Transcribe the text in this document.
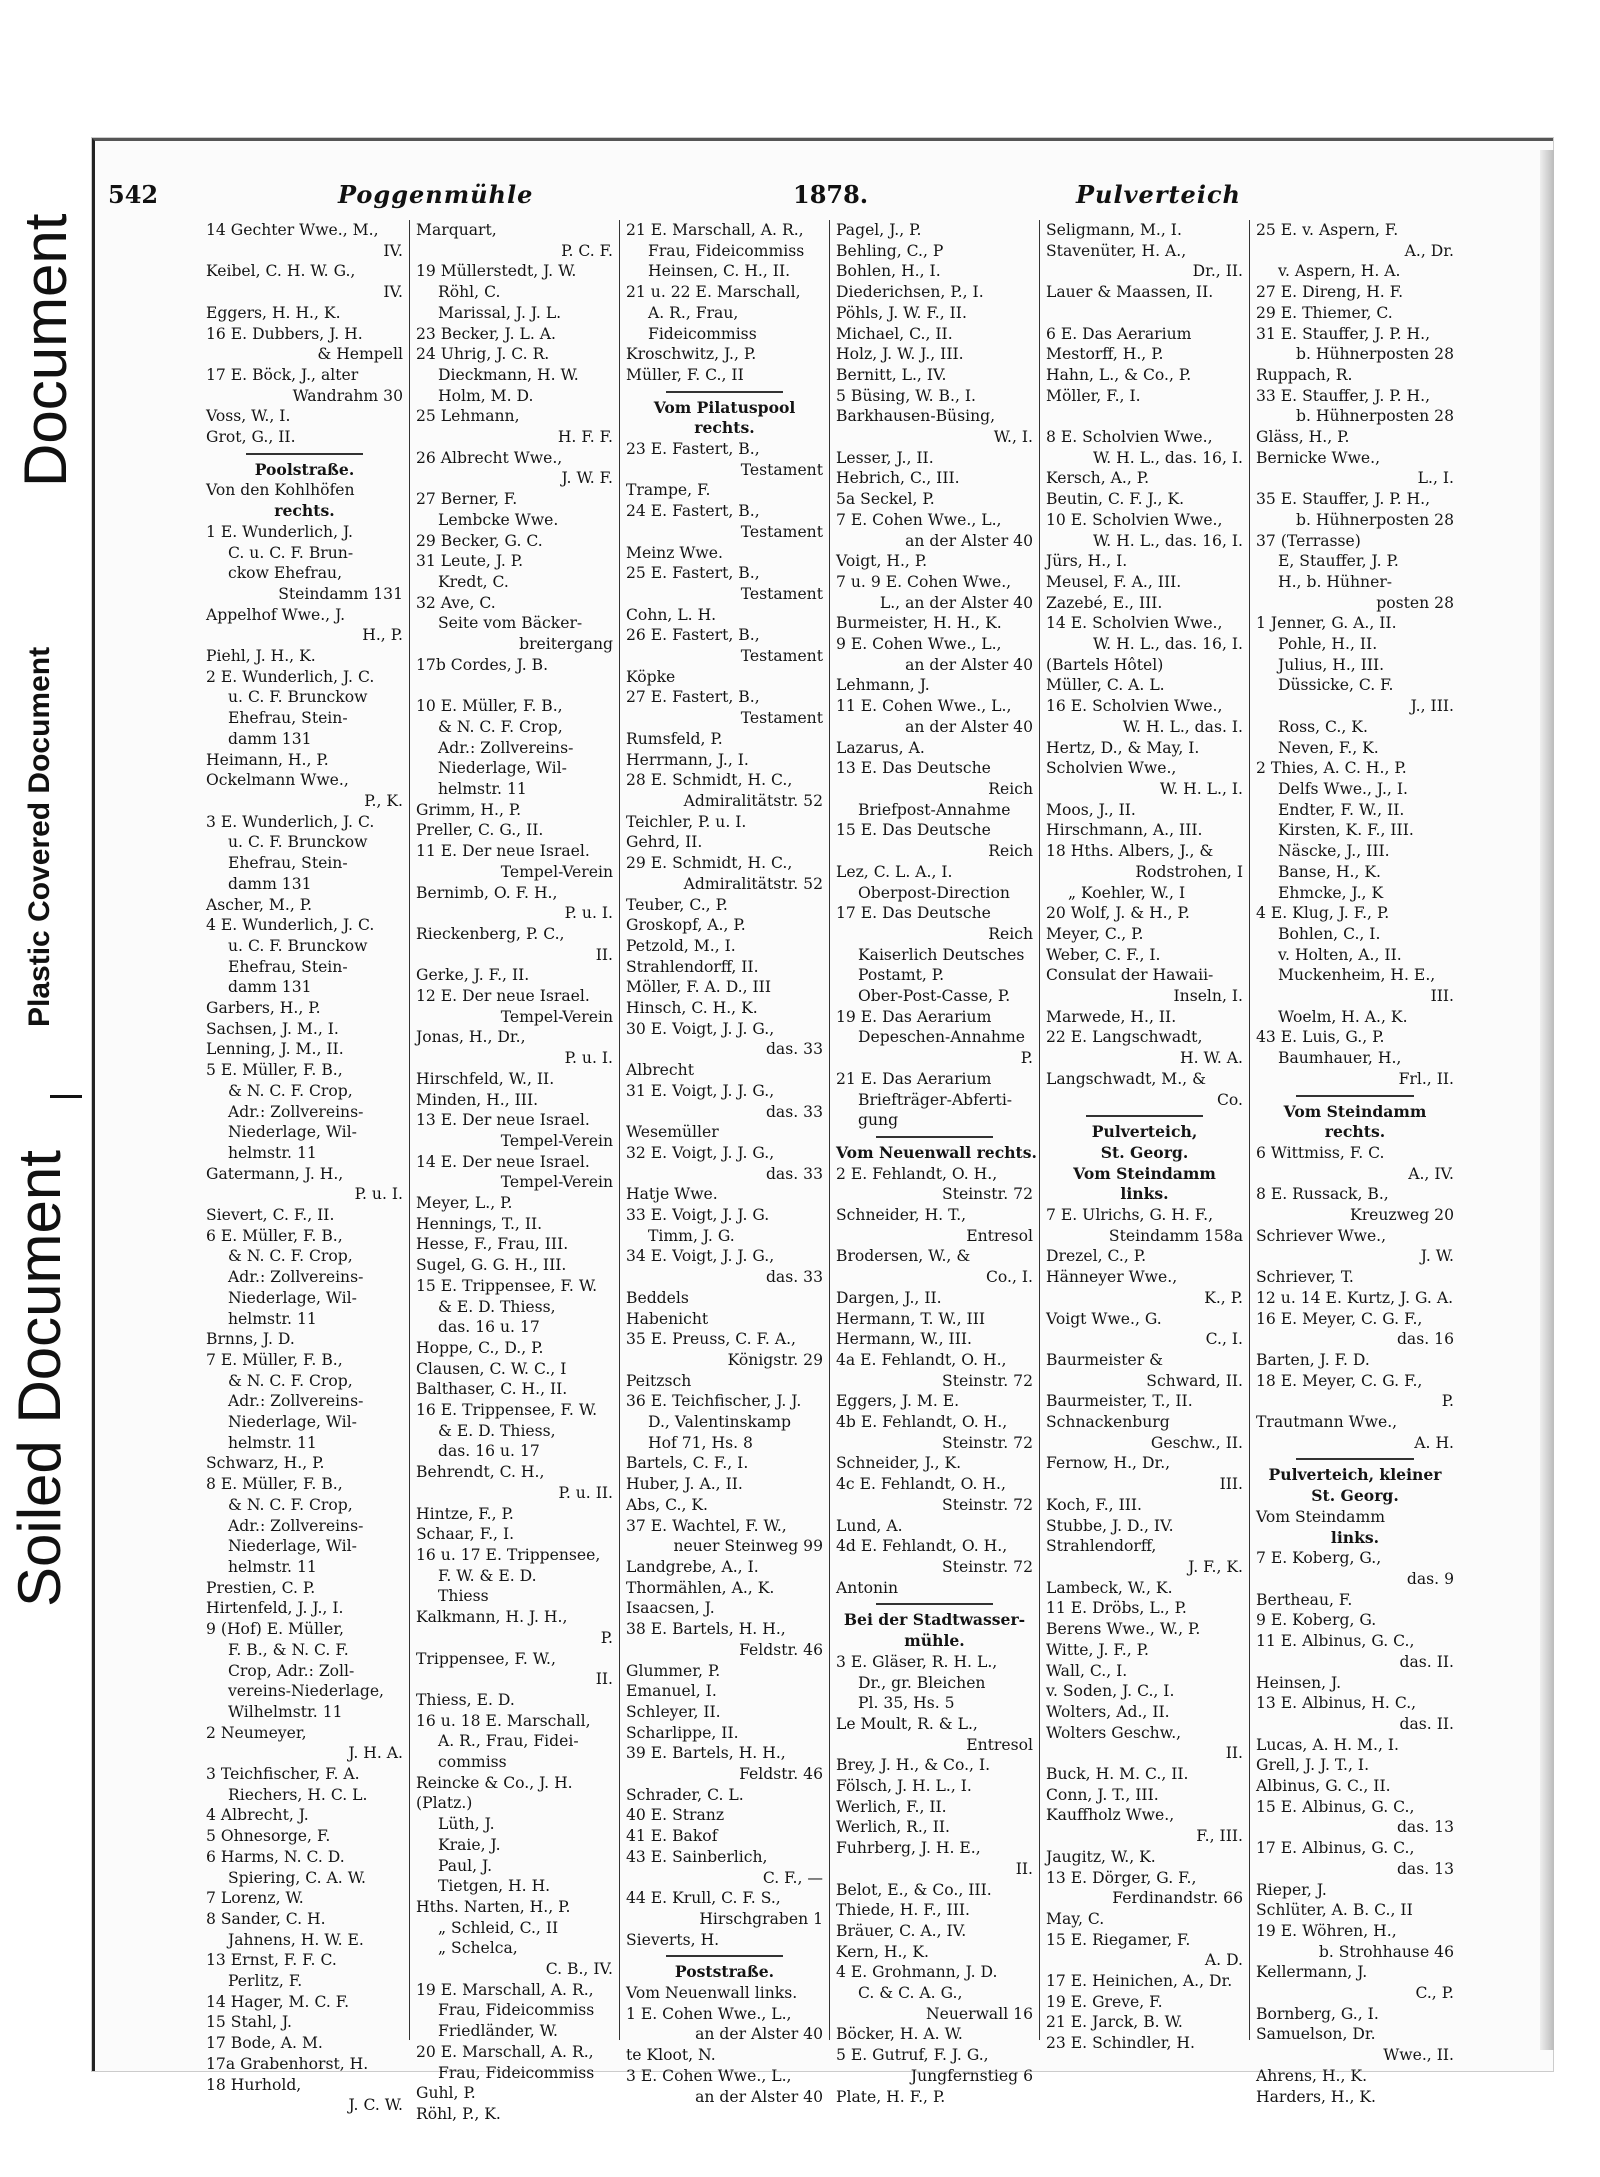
Soiled Document
Plastic Covered Document
Document
542	Poggenmühle	1878.	Pulverteich
14 Gechter Wwe., M.,
IV.
Keibel, C. H. W. G.,
IV.
Eggers, H. H., K.
16 E. Dubbers, J. H.
& Hempell
17 E. Böck, J., alter
Wandrahm 30
Voss, W., I.
Grot, G., II.
Poolstraße.
Von den Kohlhöfen
rechts.
1 E. Wunderlich, J.
C. u. C. F. Brun-
ckow Ehefrau,
Steindamm 131
Appelhof Wwe., J.
H., P.
Piehl, J. H., K.
2 E. Wunderlich, J. C.
u. C. F. Brunckow
Ehefrau, Stein-
damm 131
Heimann, H., P.
Ockelmann Wwe.,
P., K.
3 E. Wunderlich, J. C.
u. C. F. Brunckow
Ehefrau, Stein-
damm 131
Ascher, M., P.
4 E. Wunderlich, J. C.
u. C. F. Brunckow
Ehefrau, Stein-
damm 131
Garbers, H., P.
Sachsen, J. M., I.
Lenning, J. M., II.
5 E. Müller, F. B.,
& N. C. F. Crop,
Adr.: Zollvereins-
Niederlage, Wil-
helmstr. 11
Gatermann, J. H.,
P. u. I.
Sievert, C. F., II.
6 E. Müller, F. B.,
& N. C. F. Crop,
Adr.: Zollvereins-
Niederlage, Wil-
helmstr. 11
Brnns, J. D.
7 E. Müller, F. B.,
& N. C. F. Crop,
Adr.: Zollvereins-
Niederlage, Wil-
helmstr. 11
Schwarz, H., P.
8 E. Müller, F. B.,
& N. C. F. Crop,
Adr.: Zollvereins-
Niederlage, Wil-
helmstr. 11
Prestien, C. P.
Hirtenfeld, J. J., I.
9 (Hof) E. Müller,
F. B., & N. C. F.
Crop, Adr.: Zoll-
vereins-Niederlage,
Wilhelmstr. 11
2 Neumeyer,
J. H. A.
3 Teichfischer, F. A.
Riechers, H. C. L.
4 Albrecht, J.
5 Ohnesorge, F.
6 Harms, N. C. D.
Spiering, C. A. W.
7 Lorenz, W.
8 Sander, C. H.
Jahnens, H. W. E.
13 Ernst, F. F. C.
Perlitz, F.
14 Hager, M. C. F.
15 Stahl, J.
17 Bode, A. M.
17a Grabenhorst, H.
18 Hurhold,
J. C. W.
Marquart,
P. C. F.
19 Müllerstedt, J. W.
Röhl, C.
Marissal, J. J. L.
23 Becker, J. L. A.
24 Uhrig, J. C. R.
Dieckmann, H. W.
Holm, M. D.
25 Lehmann,
H. F. F.
26 Albrecht Wwe.,
J. W. F.
27 Berner, F.
Lembcke Wwe.
29 Becker, G. C.
31 Leute, J. P.
Kredt, C.
32 Ave, C.
Seite vom Bäcker-
breitergang
17b Cordes, J. B.

10 E. Müller, F. B.,
& N. C. F. Crop,
Adr.: Zollvereins-
Niederlage, Wil-
helmstr. 11
Grimm, H., P.
Preller, C. G., II.
11 E. Der neue Israel.
Tempel-Verein
Bernimb, O. F. H.,
P. u. I.
Rieckenberg, P. C.,
II.
Gerke, J. F., II.
12 E. Der neue Israel.
Tempel-Verein
Jonas, H., Dr.,
P. u. I.
Hirschfeld, W., II.
Minden, H., III.
13 E. Der neue Israel.
Tempel-Verein
14 E. Der neue Israel.
Tempel-Verein
Meyer, L., P.
Hennings, T., II.
Hesse, F., Frau, III.
Sugel, G. G. H., III.
15 E. Trippensee, F. W.
& E. D. Thiess,
das. 16 u. 17
Hoppe, C., D., P.
Clausen, C. W. C., I
Balthaser, C. H., II.
16 E. Trippensee, F. W.
& E. D. Thiess,
das. 16 u. 17
Behrendt, C. H.,
P. u. II.
Hintze, F., P.
Schaar, F., I.
16 u. 17 E. Trippensee,
F. W. & E. D.
Thiess
Kalkmann, H. J. H.,
P.
Trippensee, F. W.,
II.
Thiess, E. D.
16 u. 18 E. Marschall,
A. R., Frau, Fidei-
commiss
Reincke & Co., J. H.
(Platz.)
Lüth, J.
Kraie, J.
Paul, J.
Tietgen, H. H.
Hths. Narten, H., P.
„ Schleid, C., II
„ Schelca,
C. B., IV.
19 E. Marschall, A. R.,
Frau, Fideicommiss
Friedländer, W.
20 E. Marschall, A. R.,
Frau, Fideicommiss
Guhl, P.
Röhl, P., K.
21 E. Marschall, A. R.,
Frau, Fideicommiss
Heinsen, C. H., II.
21 u. 22 E. Marschall,
A. R., Frau,
Fideicommiss
Kroschwitz, J., P.
Müller, F. C., II
Vom Pilatuspool
rechts.
23 E. Fastert, B.,
Testament
Trampe, F.
24 E. Fastert, B.,
Testament
Meinz Wwe.
25 E. Fastert, B.,
Testament
Cohn, L. H.
26 E. Fastert, B.,
Testament
Köpke
27 E. Fastert, B.,
Testament
Rumsfeld, P.
Herrmann, J., I.
28 E. Schmidt, H. C.,
Admiralitätstr. 52
Teichler, P. u. I.
Gehrd, II.
29 E. Schmidt, H. C.,
Admiralitätstr. 52
Teuber, C., P.
Groskopf, A., P.
Petzold, M., I.
Strahlendorff, II.
Möller, F. A. D., III
Hinsch, C. H., K.
30 E. Voigt, J. J. G.,
das. 33
Albrecht
31 E. Voigt, J. J. G.,
das. 33
Wesemüller
32 E. Voigt, J. J. G.,
das. 33
Hatje Wwe.
33 E. Voigt, J. J. G.
Timm, J. G.
34 E. Voigt, J. J. G.,
das. 33
Beddels
Habenicht
35 E. Preuss, C. F. A.,
Königstr. 29
Peitzsch
36 E. Teichfischer, J. J.
D., Valentinskamp
Hof 71, Hs. 8
Bartels, C. F., I.
Huber, J. A., II.
Abs, C., K.
37 E. Wachtel, F. W.,
neuer Steinweg 99
Landgrebe, A., I.
Thormählen, A., K.
Isaacsen, J.
38 E. Bartels, H. H.,
Feldstr. 46
Glummer, P.
Emanuel, I.
Schleyer, II.
Scharlippe, II.
39 E. Bartels, H. H.,
Feldstr. 46
Schrader, C. L.
40 E. Stranz
41 E. Bakof
43 E. Sainberlich,
C. F., —
44 E. Krull, C. F. S.,
Hirschgraben 1
Sieverts, H.
Poststraße.
Vom Neuenwall links.
1 E. Cohen Wwe., L.,
an der Alster 40
te Kloot, N.
3 E. Cohen Wwe., L.,
an der Alster 40
Pagel, J., P.
Behling, C., P
Bohlen, H., I.
Diederichsen, P., I.
Pöhls, J. W. F., II.
Michael, C., II.
Holz, J. W. J., III.
Bernitt, L., IV.
5 Büsing, W. B., I.
Barkhausen-Büsing,
W., I.
Lesser, J., II.
Hebrich, C., III.
5a Seckel, P.
7 E. Cohen Wwe., L.,
an der Alster 40
Voigt, H., P.
7 u. 9 E. Cohen Wwe.,
L., an der Alster 40
Burmeister, H. H., K.
9 E. Cohen Wwe., L.,
an der Alster 40
Lehmann, J.
11 E. Cohen Wwe., L.,
an der Alster 40
Lazarus, A.
13 E. Das Deutsche
Reich
Briefpost-Annahme
15 E. Das Deutsche
Reich
Lez, C. L. A., I.
Oberpost-Direction
17 E. Das Deutsche
Reich
Kaiserlich Deutsches
Postamt, P.
Ober-Post-Casse, P.
19 E. Das Aerarium
Depeschen-Annahme
P.
21 E. Das Aerarium
Briefträger-Abferti-
gung
Vom Neuenwall rechts.
2 E. Fehlandt, O. H.,
Steinstr. 72
Schneider, H. T.,
Entresol
Brodersen, W., &
Co., I.
Dargen, J., II.
Hermann, T. W., III
Hermann, W., III.
4a E. Fehlandt, O. H.,
Steinstr. 72
Eggers, J. M. E.
4b E. Fehlandt, O. H.,
Steinstr. 72
Schneider, J., K.
4c E. Fehlandt, O. H.,
Steinstr. 72
Lund, A.
4d E. Fehlandt, O. H.,
Steinstr. 72
Antonin
Bei der Stadtwasser-
mühle.
3 E. Gläser, R. H. L.,
Dr., gr. Bleichen
Pl. 35, Hs. 5
Le Moult, R. & L.,
Entresol
Brey, J. H., & Co., I.
Fölsch, J. H. L., I.
Werlich, F., II.
Werlich, R., II.
Fuhrberg, J. H. E.,
II.
Belot, E., & Co., III.
Thiede, H. F., III.
Bräuer, C. A., IV.
Kern, H., K.
4 E. Grohmann, J. D.
C. & C. A. G.,
Neuerwall 16
Böcker, H. A. W.
5 E. Gutruf, F. J. G.,
Jungfernstieg 6
Plate, H. F., P.
Seligmann, M., I.
Stavenüter, H. A.,
Dr., II.
Lauer & Maassen, II.

6 E. Das Aerarium
Mestorff, H., P.
Hahn, L., & Co., P.
Möller, F., I.

8 E. Scholvien Wwe.,
W. H. L., das. 16, I.
Kersch, A., P.
Beutin, C. F. J., K.
10 E. Scholvien Wwe.,
W. H. L., das. 16, I.
Jürs, H., I.
Meusel, F. A., III.
Zazebé, E., III.
14 E. Scholvien Wwe.,
W. H. L., das. 16, I.
(Bartels Hôtel)
Müller, C. A. L.
16 E. Scholvien Wwe.,
W. H. L., das. I.
Hertz, D., & May, I.
Scholvien Wwe.,
W. H. L., I.
Moos, J., II.
Hirschmann, A., III.
18 Hths. Albers, J., &
Rodstrohen, I
„ Koehler, W., I
20 Wolf, J. & H., P.
Meyer, C., P.
Weber, C. F., I.
Consulat der Hawaii-
Inseln, I.
Marwede, H., II.
22 E. Langschwadt,
H. W. A.
Langschwadt, M., &
Co.
Pulverteich,
St. Georg.
Vom Steindamm
links.
7 E. Ulrichs, G. H. F.,
Steindamm 158a
Drezel, C., P.
Hänneyer Wwe.,
K., P.
Voigt Wwe., G.
C., I.
Baurmeister &
Schward, II.
Baurmeister, T., II.
Schnackenburg
Geschw., II.
Fernow, H., Dr.,
III.
Koch, F., III.
Stubbe, J. D., IV.
Strahlendorff,
J. F., K.
Lambeck, W., K.
11 E. Dröbs, L., P.
Berens Wwe., W., P.
Witte, J. F., P.
Wall, C., I.
v. Soden, J. C., I.
Wolters, Ad., II.
Wolters Geschw.,
II.
Buck, H. M. C., II.
Conn, J. T., III.
Kauffholz Wwe.,
F., III.
Jaugitz, W., K.
13 E. Dörger, G. F.,
Ferdinandstr. 66
May, C.
15 E. Riegamer, F.
A. D.
17 E. Heinichen, A., Dr.
19 E. Greve, F.
21 E. Jarck, B. W.
23 E. Schindler, H.
25 E. v. Aspern, F.
A., Dr.
v. Aspern, H. A.
27 E. Direng, H. F.
29 E. Thiemer, C.
31 E. Stauffer, J. P. H.,
b. Hühnerposten 28
Ruppach, R.
33 E. Stauffer, J. P. H.,
b. Hühnerposten 28
Gläss, H., P.
Bernicke Wwe.,
L., I.
35 E. Stauffer, J. P. H.,
b. Hühnerposten 28
37 (Terrasse)
E, Stauffer, J. P.
H., b. Hühner-
posten 28
1 Jenner, G. A., II.
Pohle, H., II.
Julius, H., III.
Düssicke, C. F.
J., III.
Ross, C., K.
Neven, F., K.
2 Thies, A. C. H., P.
Delfs Wwe., J., I.
Endter, F. W., II.
Kirsten, K. F., III.
Näscke, J., III.
Banse, H., K.
Ehmcke, J., K
4 E. Klug, J. F., P.
Bohlen, C., I.
v. Holten, A., II.
Muckenheim, H. E.,
III.
Woelm, H. A., K.
43 E. Luis, G., P.
Baumhauer, H.,
Frl., II.
Vom Steindamm
rechts.
6 Wittmiss, F. C.
A., IV.
8 E. Russack, B.,
Kreuzweg 20
Schriever Wwe.,
J. W.
Schriever, T.
12 u. 14 E. Kurtz, J. G. A.
16 E. Meyer, C. G. F.,
das. 16
Barten, J. F. D.
18 E. Meyer, C. G. F.,
P.
Trautmann Wwe.,
A. H.
Pulverteich, kleiner
St. Georg.
Vom Steindamm
links.
7 E. Koberg, G.,
das. 9
Bertheau, F.
9 E. Koberg, G.
11 E. Albinus, G. C.,
das. II.
Heinsen, J.
13 E. Albinus, H. C.,
das. II.
Lucas, A. H. M., I.
Grell, J. J. T., I.
Albinus, G. C., II.
15 E. Albinus, G. C.,
das. 13
17 E. Albinus, G. C.,
das. 13
Rieper, J.
Schlüter, A. B. C., II
19 E. Wöhren, H.,
b. Strohhause 46
Kellermann, J.
C., P.
Bornberg, G., I.
Samuelson, Dr.
Wwe., II.
Ahrens, H., K.
Harders, H., K.
